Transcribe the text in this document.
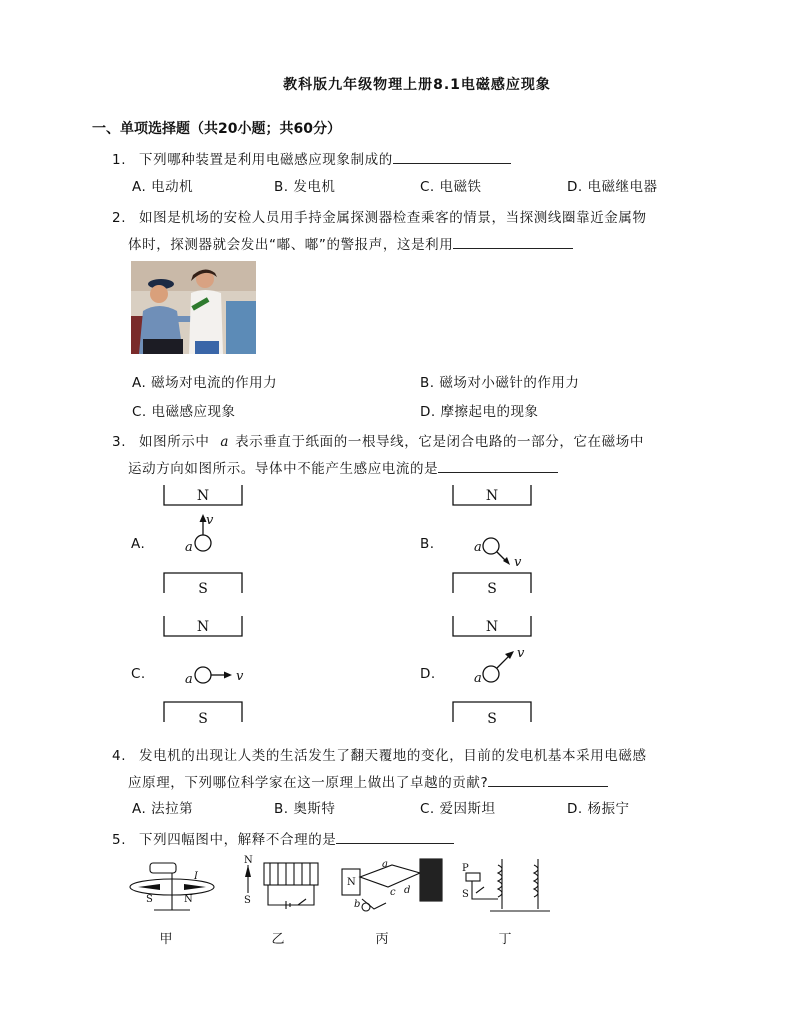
教科版九年级物理上册8.1电磁感应现象
一、单项选择题（共20小题；共60分）
1. 下列哪种装置是利用电磁感应现象制成的
A. 电动机	B. 发电机	C. 电磁铁	D. 电磁继电器
2. 如图是机场的安检人员用手持金属探测器检查乘客的情景，当探测线圈靠近金属物
体时，探测器就会发出“嘟、嘟”的警报声，这是利用
A. 磁场对电流的作用力	B. 磁场对小磁针的作用力
C. 电磁感应现象	D. 摩擦起电的现象
3. 如图所示中 a 表示垂直于纸面的一根导线，它是闭合电路的一部分，它在磁场中
运动方向如图所示。导体中不能产生感应电流的是
A.	B.
C.	D.
N
S
N
S
N
S
N
S
a
v
a
v
a	v	a
v
4. 发电机的出现让人类的生活发生了翻天覆地的变化，目前的发电机基本采用电磁感
应原理，下列哪位科学家在这一原理上做出了卓越的贡献?
A. 法拉第	B. 奥斯特	C. 爱因斯坦	D. 杨振宁
5. 下列四幅图中，解释不合理的是
I
S	N
N
S
N
a
c
b
d
P
S
甲	乙	丙	丁
